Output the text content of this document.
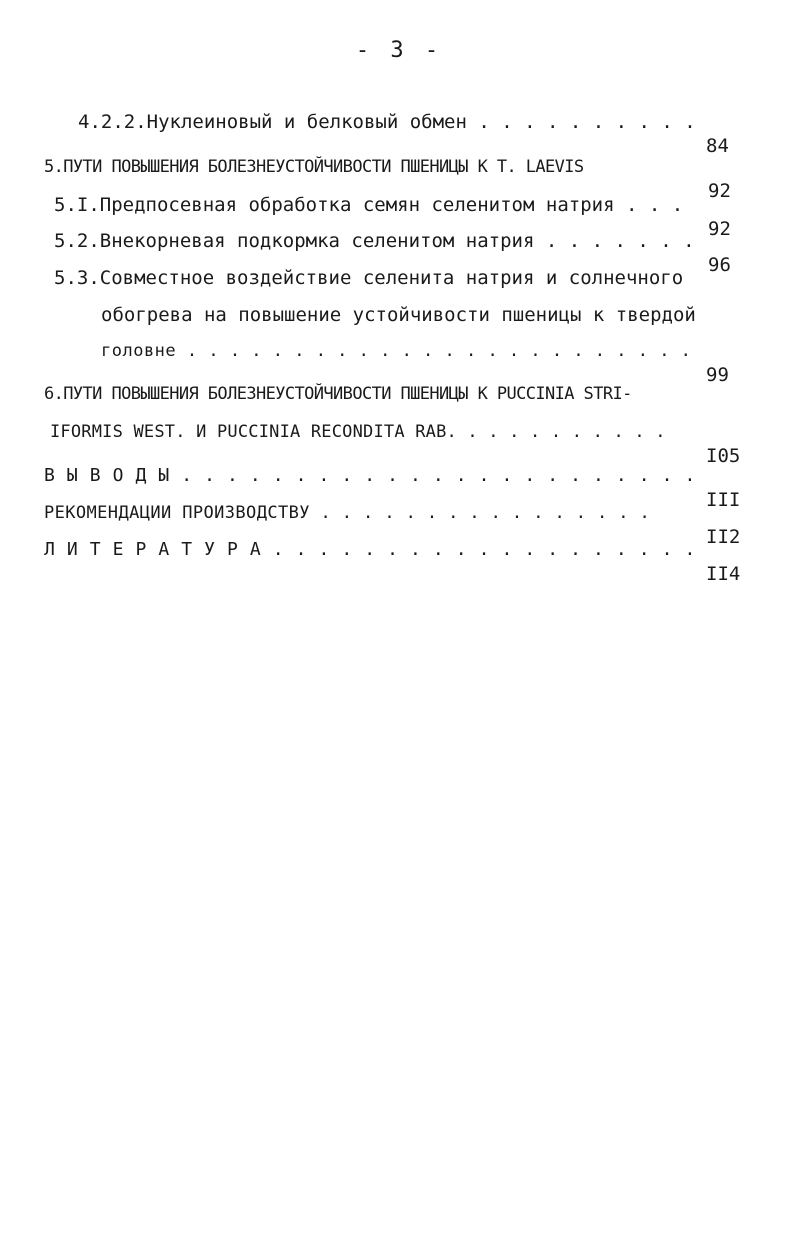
- 3 -

4.2.2.Нуклеиновый и белковый обмен . . . . . . . . . .

84

5.ПУТИ ПОВЫШЕНИЯ БОЛЕЗНЕУСТОЙЧИВОСТИ ПШЕНИЦЫ К Т. LAEVIS

92

5.I.Предпосевная обработка семян селенитом натрия . . .

92

5.2.Внекорневая подкормка селенитом натрия . . . . . . .

96

5.3.Совместное воздействие селенита натрия и солнечного

обогрева на повышение устойчивости пшеницы к твердой

головне . . . . . . . . . . . . . . . . . . . . . . . .

99

6.ПУТИ ПОВЫШЕНИЯ БОЛЕЗНЕУСТОЙЧИВОСТИ ПШЕНИЦЫ К PUCCINIA STRI-

IFORMIS WEST. И PUCCINIA RECONDITA RAB. . . . . . . . . . .

I05

В Ы В О Д Ы . . . . . . . . . . . . . . . . . . . . . . .

III

РЕКОМЕНДАЦИИ ПРОИЗВОДСТВУ . . . . . . . . . . . . . . . .

II2

Л И Т Е Р А Т У Р А . . . . . . . . . . . . . . . . . . .

II4
